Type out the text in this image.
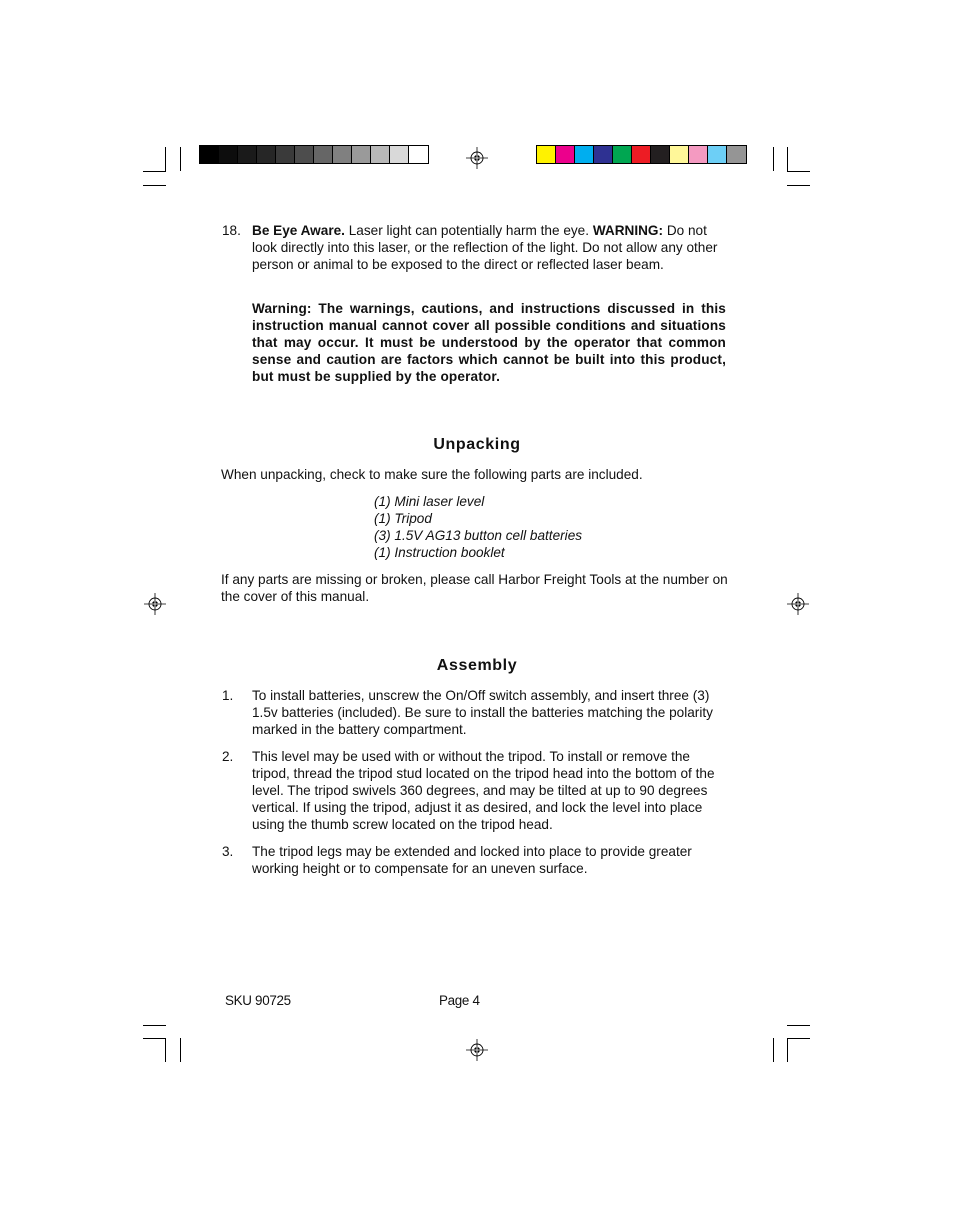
18. Be Eye Aware. Laser light can potentially harm the eye. WARNING: Do not look directly into this laser, or the reflection of the light. Do not allow any other person or animal to be exposed to the direct or reflected laser beam.
Warning: The warnings, cautions, and instructions discussed in this instruction manual cannot cover all possible conditions and situations that may occur. It must be understood by the operator that common sense and caution are factors which cannot be built into this product, but must be supplied by the operator.
Unpacking
When unpacking, check to make sure the following parts are included.
(1) Mini laser level
(1) Tripod
(3) 1.5V AG13 button cell batteries
(1) Instruction booklet
If any parts are missing or broken, please call Harbor Freight Tools at the number on the cover of this manual.
Assembly
1. To install batteries, unscrew the On/Off switch assembly, and insert three (3) 1.5v batteries (included). Be sure to install the batteries matching the polarity marked in the battery compartment.
2. This level may be used with or without the tripod. To install or remove the tripod, thread the tripod stud located on the tripod head into the bottom of the level. The tripod swivels 360 degrees, and may be tilted at up to 90 degrees vertical. If using the tripod, adjust it as desired, and lock the level into place using the thumb screw located on the tripod head.
3. The tripod legs may be extended and locked into place to provide greater working height or to compensate for an uneven surface.
SKU 90725	Page 4
